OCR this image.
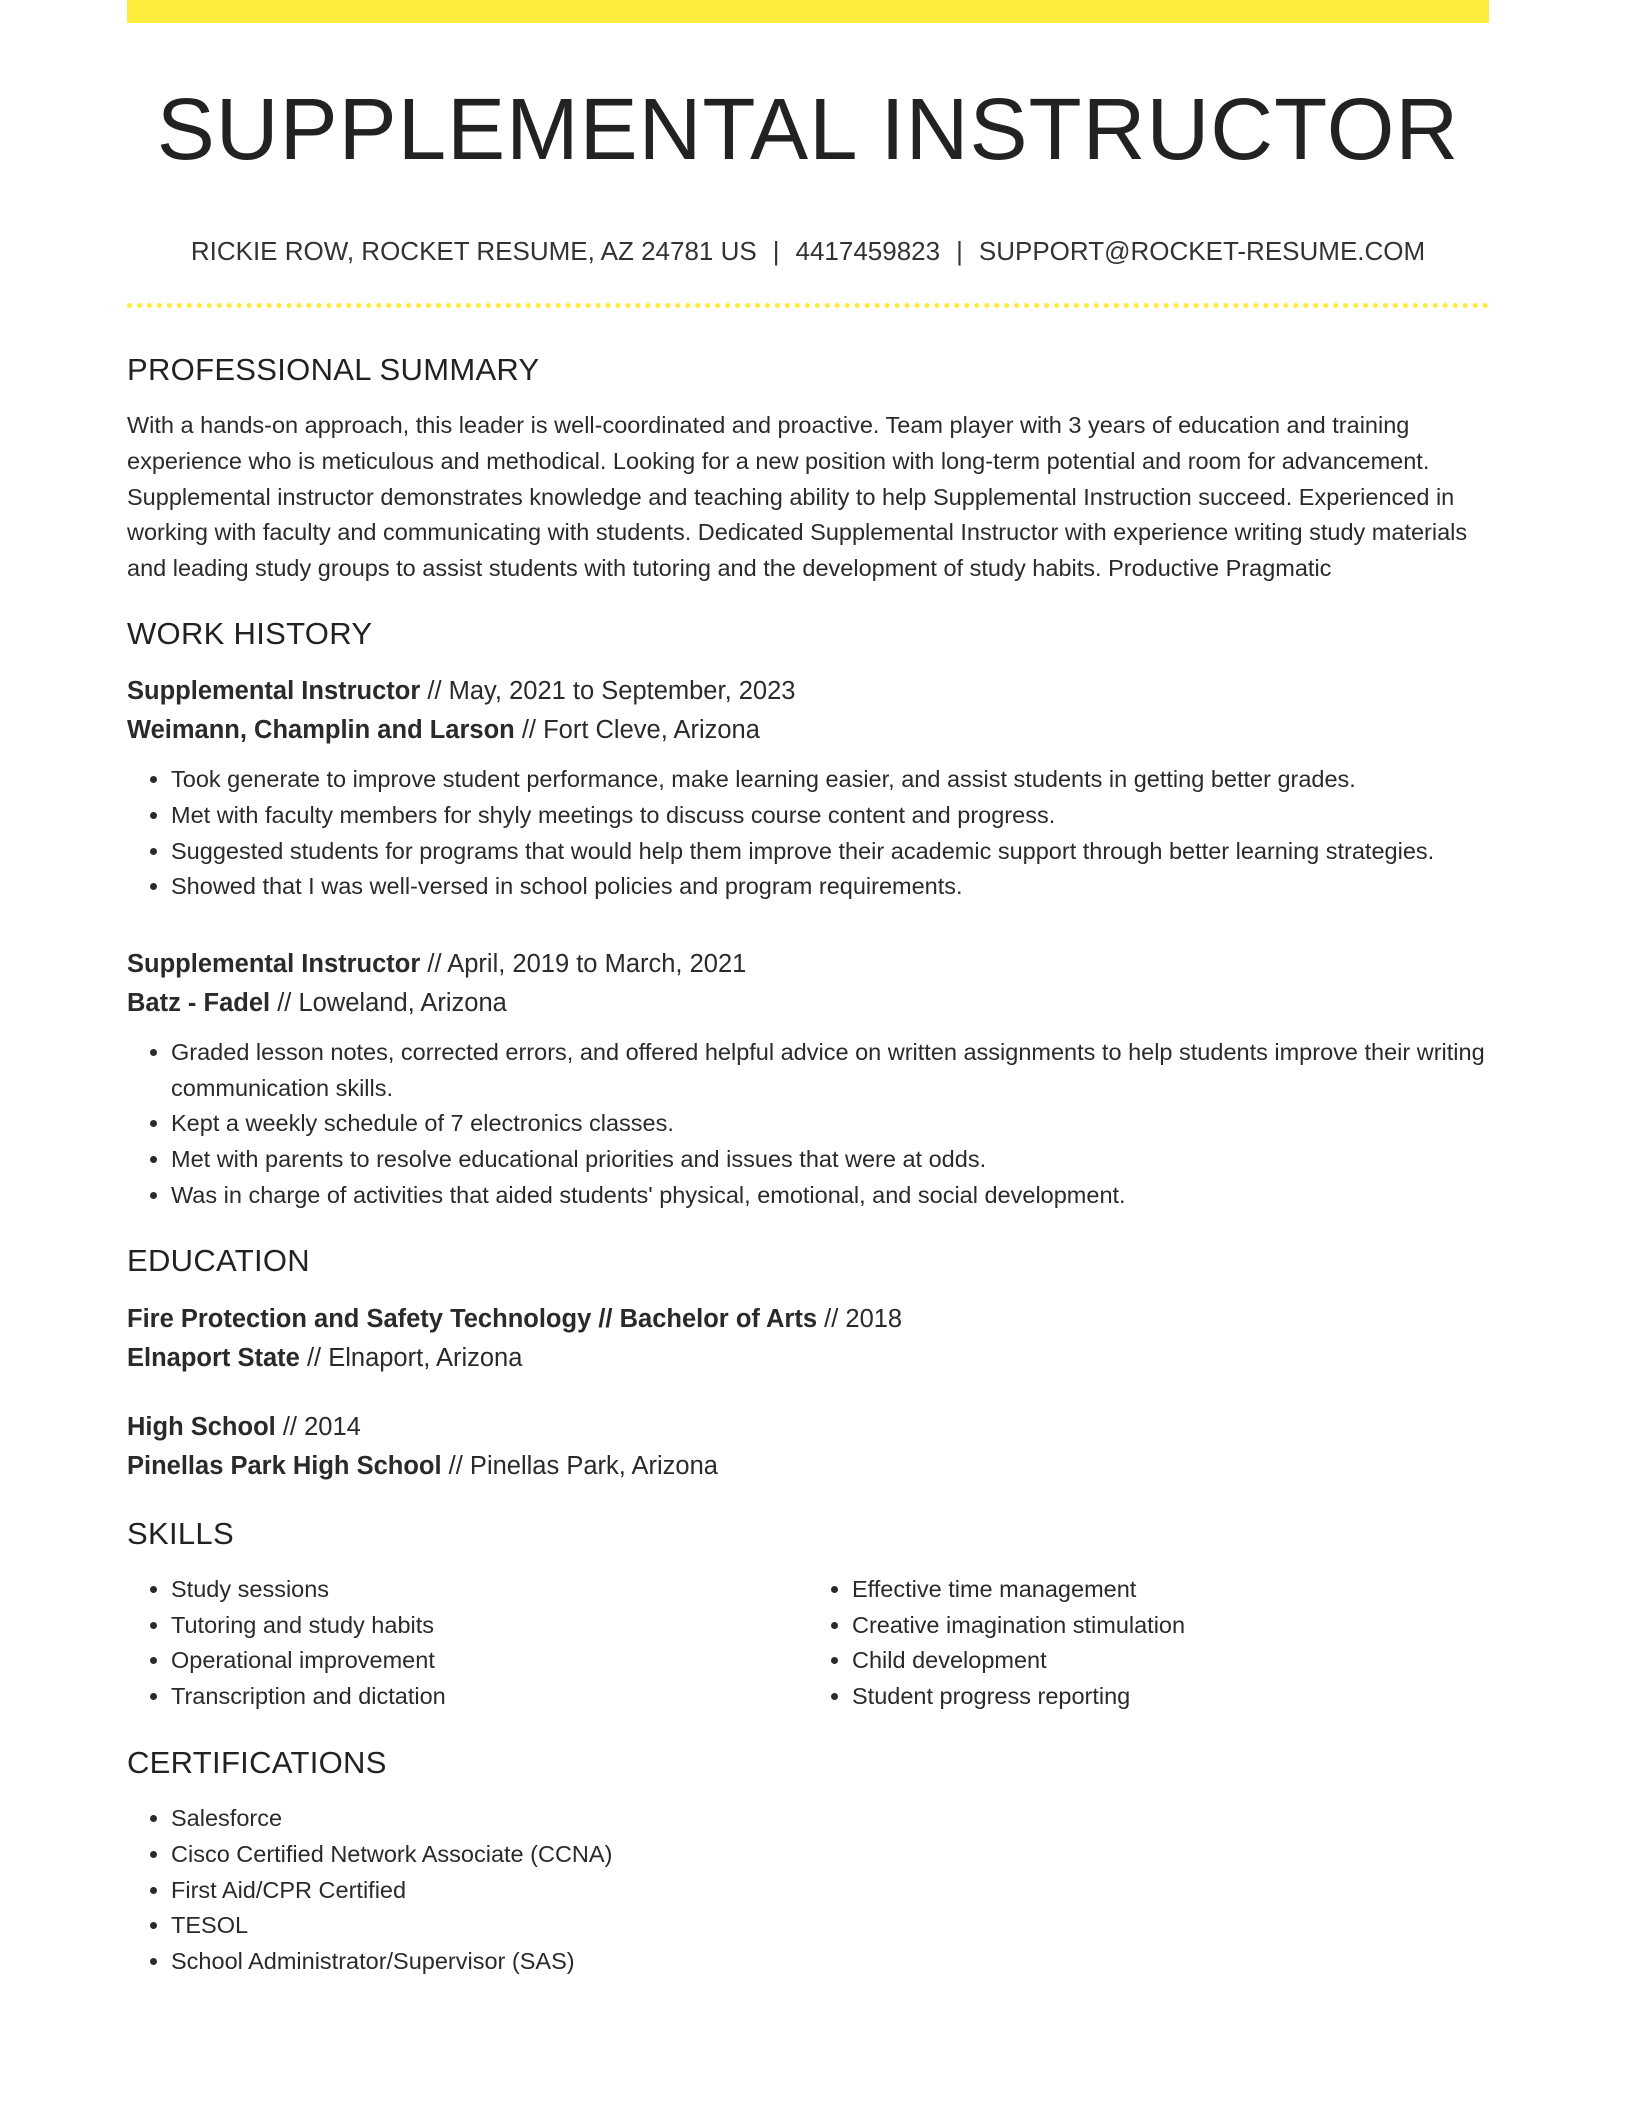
SUPPLEMENTAL INSTRUCTOR
RICKIE ROW, ROCKET RESUME, AZ 24781 US | 4417459823 | SUPPORT@ROCKET-RESUME.COM
PROFESSIONAL SUMMARY

With a hands-on approach, this leader is well-coordinated and proactive. Team player with 3 years of education and training experience who is meticulous and methodical. Looking for a new position with long-term potential and room for advancement. Supplemental instructor demonstrates knowledge and teaching ability to help Supplemental Instruction succeed. Experienced in working with faculty and communicating with students. Dedicated Supplemental Instructor with experience writing study materials and leading study groups to assist students with tutoring and the development of study habits. Productive Pragmatic

WORK HISTORY
Supplemental Instructor // May, 2021 to September, 2023
Weimann, Champlin and Larson // Fort Cleve, Arizona
• Took generate to improve student performance, make learning easier, and assist students in getting better grades.
• Met with faculty members for shyly meetings to discuss course content and progress.
• Suggested students for programs that would help them improve their academic support through better learning strategies.
• Showed that I was well-versed in school policies and program requirements.
Supplemental Instructor // April, 2019 to March, 2021
Batz - Fadel // Loweland, Arizona
• Graded lesson notes, corrected errors, and offered helpful advice on written assignments to help students improve their writing communication skills.
• Kept a weekly schedule of 7 electronics classes.
• Met with parents to resolve educational priorities and issues that were at odds.
• Was in charge of activities that aided students' physical, emotional, and social development.
EDUCATION
Fire Protection and Safety Technology // Bachelor of Arts // 2018
Elnaport State // Elnaport, Arizona
High School // 2014
Pinellas Park High School // Pinellas Park, Arizona
SKILLS
• Study sessions
• Tutoring and study habits
• Operational improvement
• Transcription and dictation
• Effective time management
• Creative imagination stimulation
• Child development
• Student progress reporting
CERTIFICATIONS
• Salesforce
• Cisco Certified Network Associate (CCNA)
• First Aid/CPR Certified
• TESOL
• School Administrator/Supervisor (SAS)
